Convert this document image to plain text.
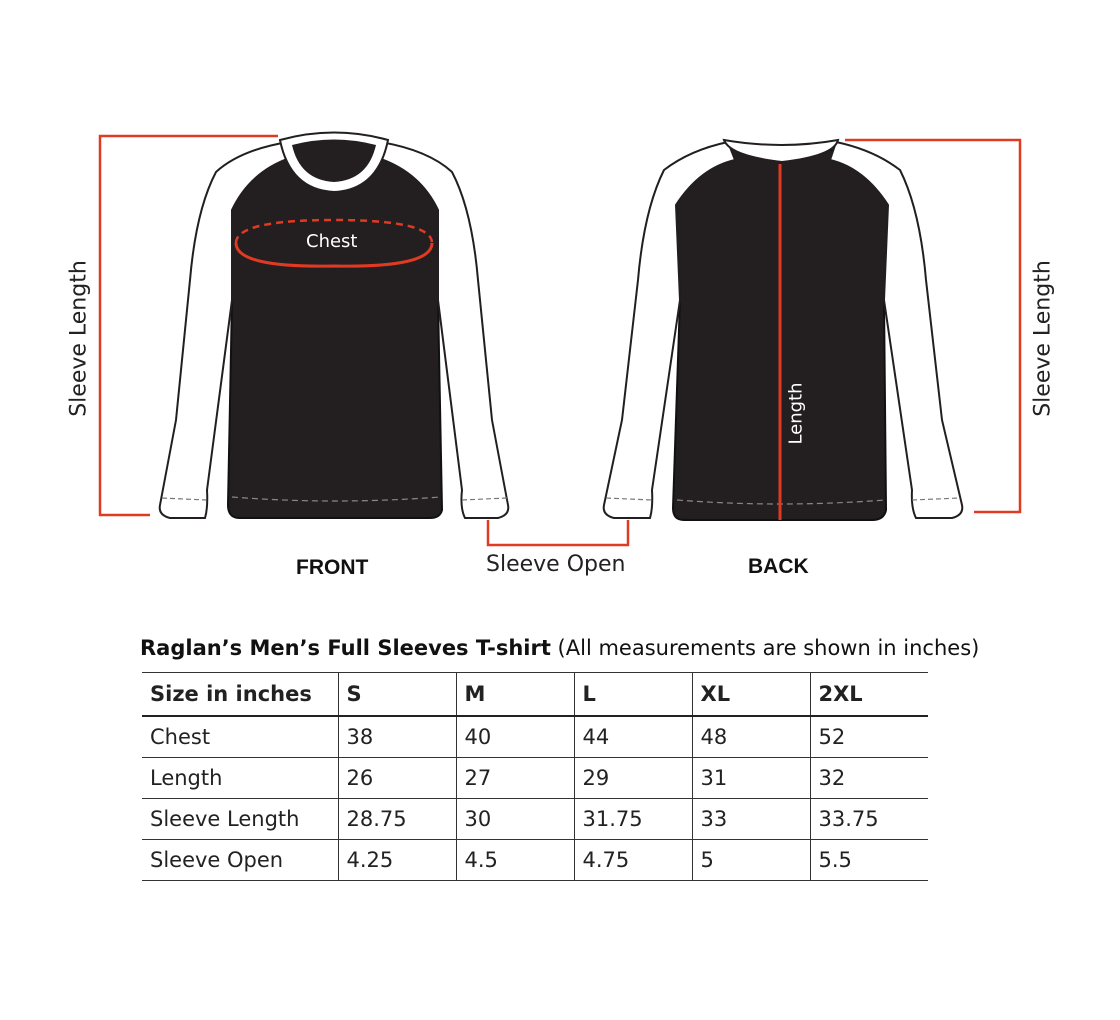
Chest
Length
Sleeve Length	Sleeve Length
Sleeve Open
FRONT	BACK
Raglan’s Men’s Full Sleeves T-shirt (All measurements are shown in inches)
Size in inches	S	M	L	XL	2XL
Chest	38	40	44	48	52
Length	26	27	29	31	32
Sleeve Length	28.75	30	31.75	33	33.75
Sleeve Open	4.25	4.5	4.75	5	5.5
